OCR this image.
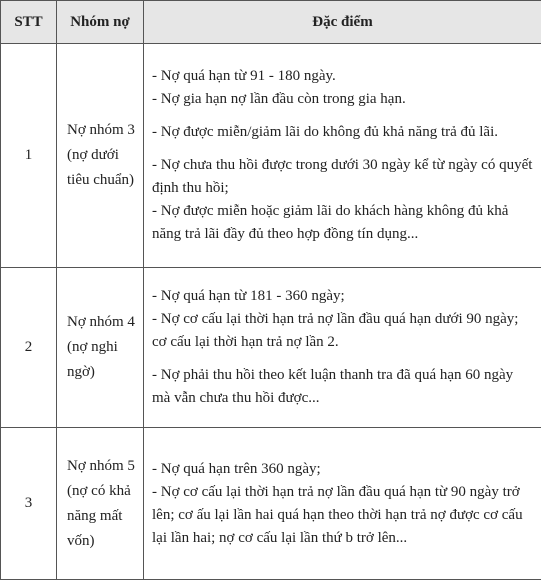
STT	Nhóm nợ	Đặc điểm
1	Nợ nhóm 3 (nợ dưới tiêu chuẩn)	- Nợ quá hạn từ 91 - 180 ngày.
- Nợ gia hạn nợ lần đầu còn trong gia hạn.
- Nợ được miễn/giảm lãi do không đủ khả năng trả đủ lãi.
- Nợ chưa thu hồi được trong dưới 30 ngày kể từ ngày có quyết định thu hồi;
- Nợ được miễn hoặc giảm lãi do khách hàng không đủ khả năng trả lãi đầy đủ theo hợp đồng tín dụng...

2	Nợ nhóm 4 (nợ nghi ngờ)	- Nợ quá hạn từ 181 - 360 ngày;
- Nợ cơ cấu lại thời hạn trả nợ lần đầu quá hạn dưới 90 ngày; cơ cấu lại thời hạn trả nợ lần 2.
- Nợ phải thu hồi theo kết luận thanh tra đã quá hạn 60 ngày mà vẫn chưa thu hồi được...

3	Nợ nhóm 5 (nợ có khả năng mất vốn)	- Nợ quá hạn trên 360 ngày;
- Nợ cơ cấu lại thời hạn trả nợ lần đầu quá hạn từ 90 ngày trở lên; cơ ấu lại lần hai quá hạn theo thời hạn trả nợ được cơ cấu lại lần hai; nợ cơ cấu lại lần thứ b trở lên...
